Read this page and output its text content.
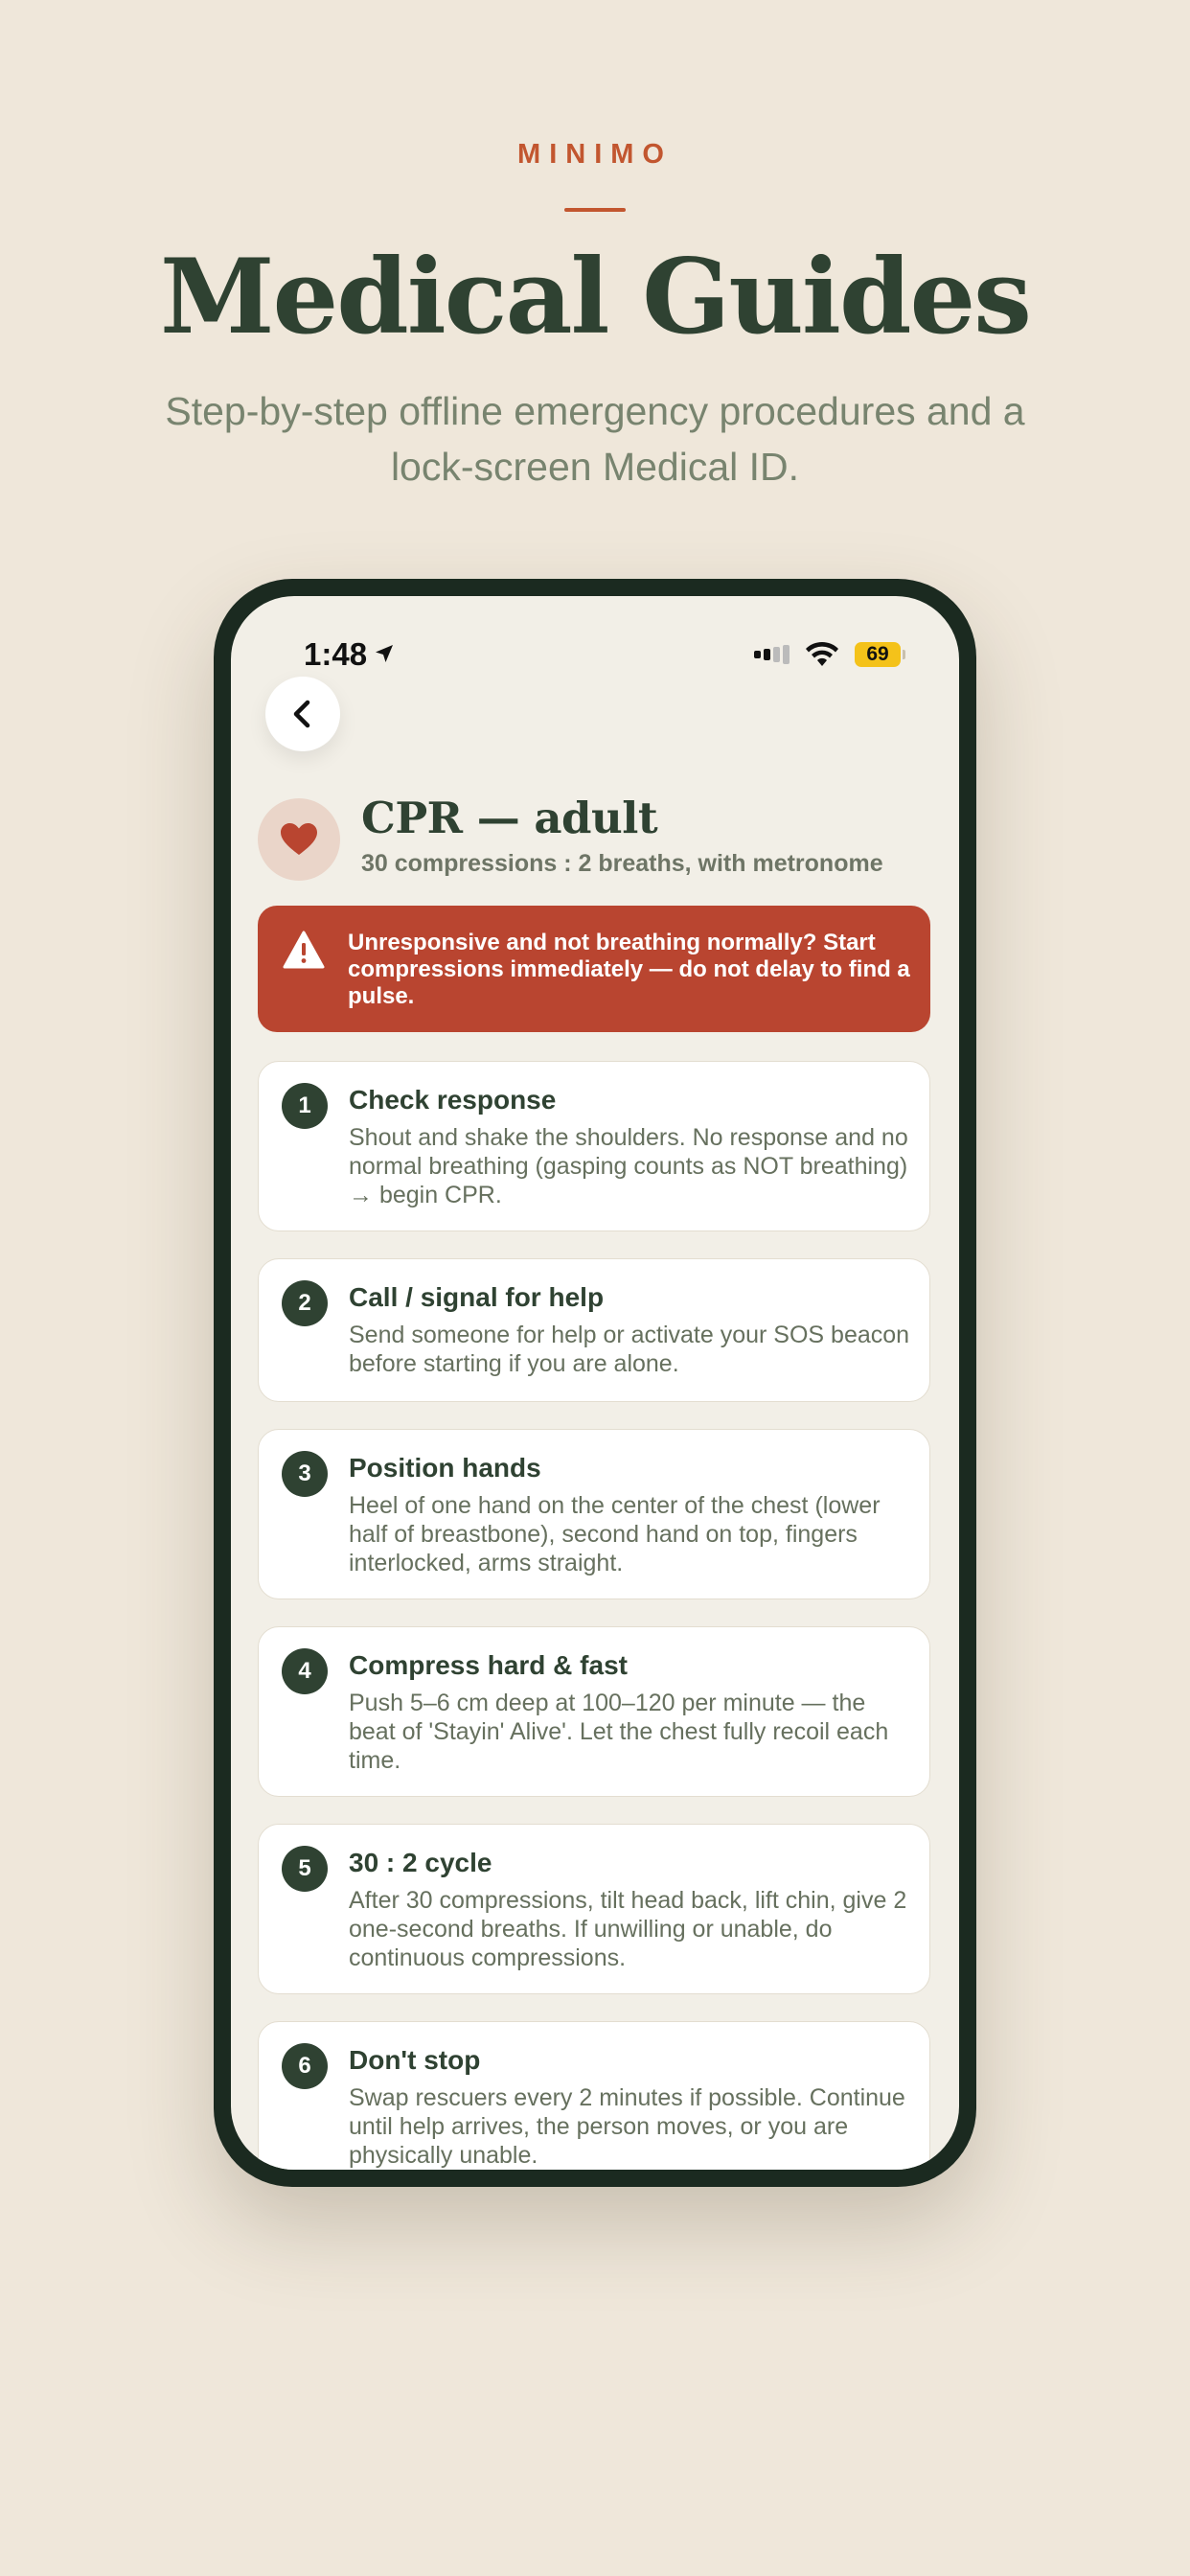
MINIMO
Medical Guides
Step-by-step offline emergency procedures and a lock-screen Medical ID.
1:48	69
CPR — adult
30 compressions : 2 breaths, with metronome
Unresponsive and not breathing normally? Start compressions immediately — do not delay to find a pulse.
1	Check response
Shout and shake the shoulders. No response and no normal breathing (gasping counts as NOT breathing) → begin CPR.
2	Call / signal for help
Send someone for help or activate your SOS beacon before starting if you are alone.
3	Position hands
Heel of one hand on the center of the chest (lower half of breastbone), second hand on top, fingers interlocked, arms straight.
4	Compress hard & fast
Push 5–6 cm deep at 100–120 per minute — the beat of 'Stayin' Alive'. Let the chest fully recoil each time.
5	30 : 2 cycle
After 30 compressions, tilt head back, lift chin, give 2 one-second breaths. If unwilling or unable, do continuous compressions.
6	Don't stop
Swap rescuers every 2 minutes if possible. Continue until help arrives, the person moves, or you are physically unable.
